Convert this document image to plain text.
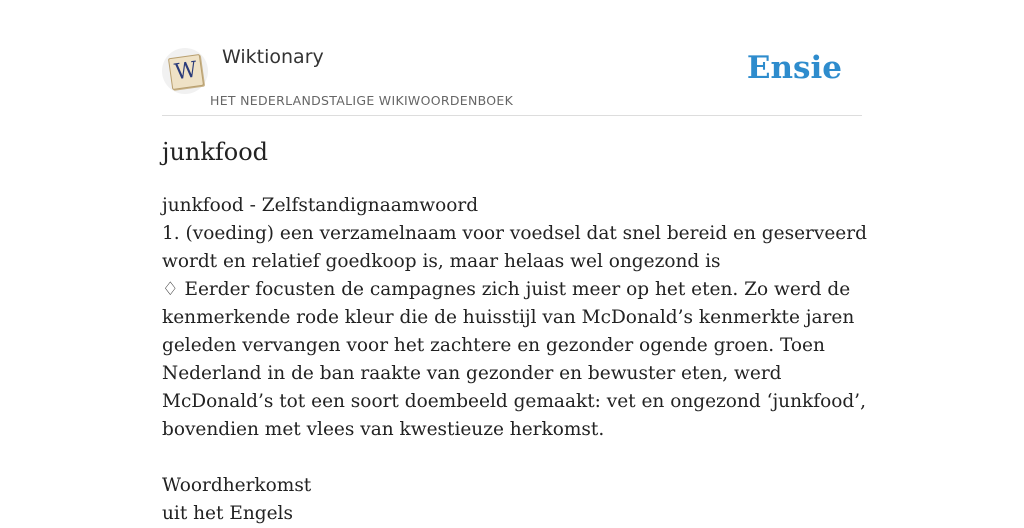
W
Wiktionary
HET NEDERLANDSTALIGE WIKIWOORDENBOEK
Ensie
junkfood

junkfood - Zelfstandignaamwoord

1. (voeding) een verzamelnaam voor voedsel dat snel bereid en geserveerd wordt en relatief goedkoop is, maar helaas wel ongezond is

♢ Eerder focusten de campagnes zich juist meer op het eten. Zo werd de kenmerkende rode kleur die de huisstijl van McDonald’s kenmerkte jaren geleden vervangen voor het zachtere en gezonder ogende groen. Toen Nederland in de ban raakte van gezonder en bewuster eten, werd McDonald’s tot een soort doembeeld gemaakt: vet en ongezond ‘junkfood’, bovendien met vlees van kwestieuze herkomst.

Woordherkomst

uit het Engels
